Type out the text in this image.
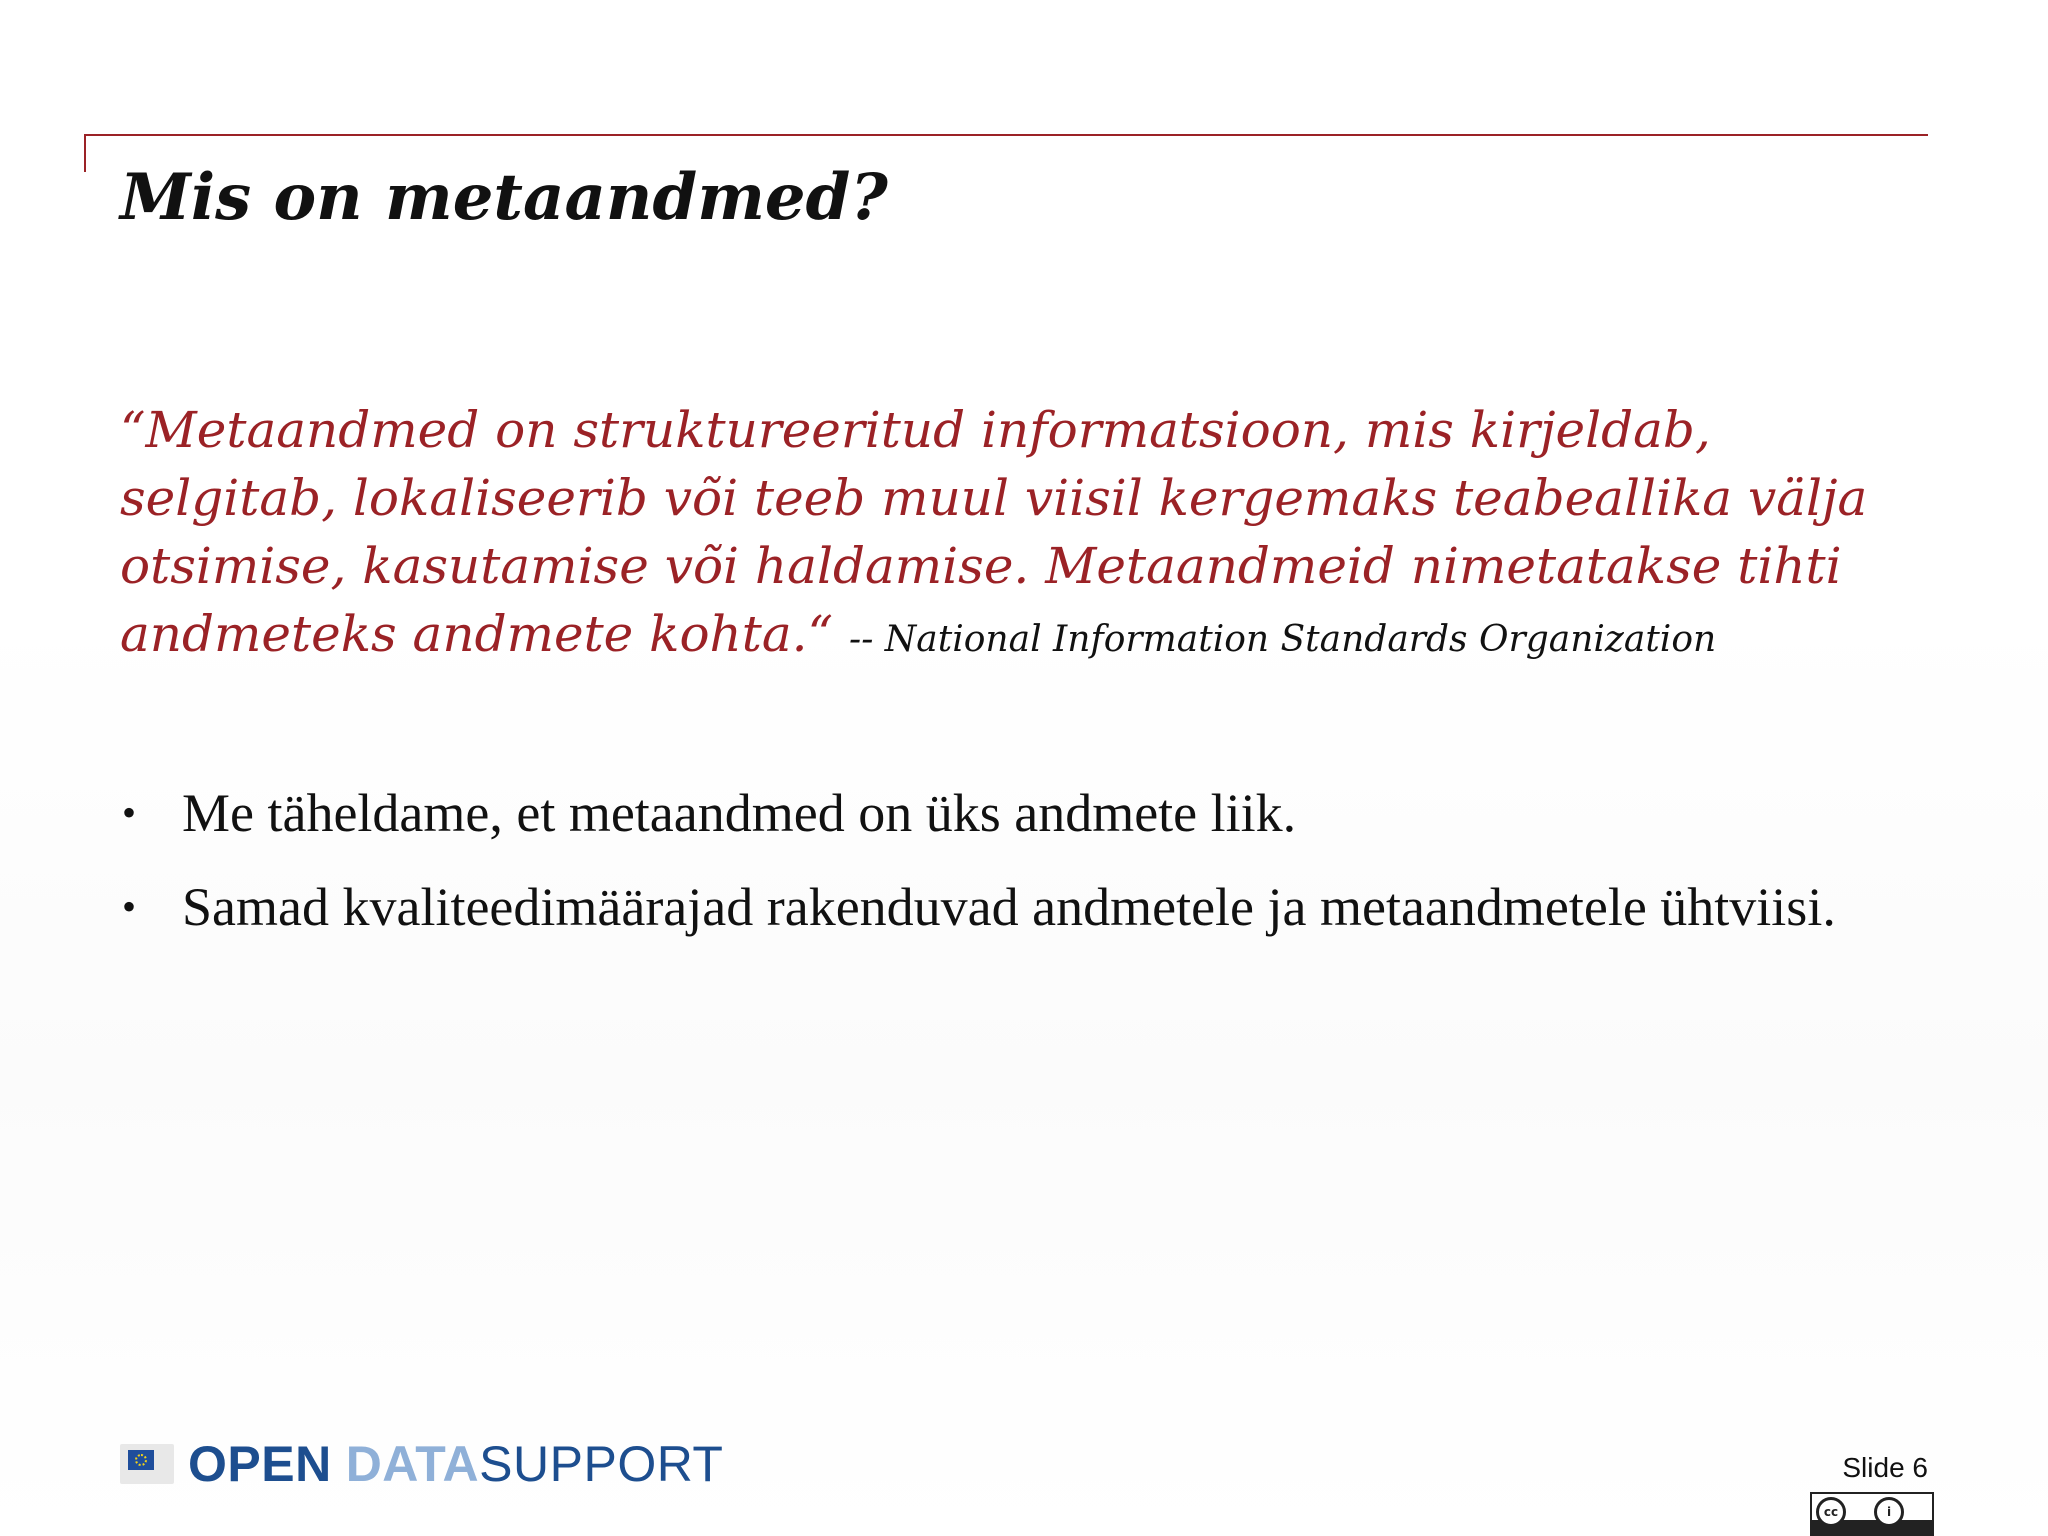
Mis on metaandmed?
“Metaandmed on struktureeritud informatsioon, mis kirjeldab, selgitab, lokaliseerib või teeb muul viisil kergemaks teabeallika välja otsimise, kasutamise või haldamise. Metaandmeid nimetatakse tihti andmeteks andmete kohta.“ -- National Information Standards Organization
• Me täheldame, et metaandmed on üks andmete liik.
• Samad kvaliteedimäärajad rakenduvad andmetele ja metaandmetele ühtviisi.
OPEN DATA SUPPORT	Slide 6
cc	i
